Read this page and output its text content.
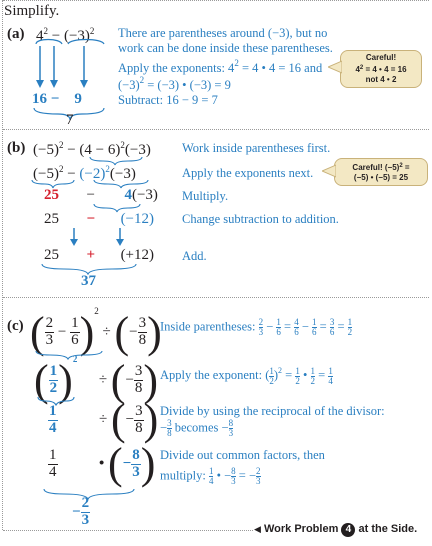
Simplify.
(a) $4^2 - (-3)^2$
16 − 9
7
There are parentheses around (−3), but no work can be done inside these parentheses.
Apply the exponents: $4^2 = 4$ • 4 = 16 and
$(-3)^2 = (-3)$ • (−3) = 9
Subtract: 16 − 9 = 7
Careful!
$4^2 = 4$ • 4 = 16
not 4 • 2
(b) $(-5)^2 - (4 - 6)^2(-3)$
$(-5)^2 - (-2)^2(-3)$
25 − 4(−3)
25 − (−12)
25 + (+12)
37
Work inside parentheses first.
Apply the exponents next.
Multiply.
Change subtraction to addition.
Add.
Careful! $(-5)^2$ =
(−5) • (−5) = 25
(c) ( $\frac{2}{3} - \frac{1}{6} )^2$ ÷ (− $\frac{3}{8}$ )
( $\frac{1}{2} )^2$  ÷ (− $\frac{3}{8}$ )
$\frac{1}{4}$	÷ (− $\frac{3}{8}$ )
$\frac{1}{4}$	• (− $\frac{8}{3}$ )
− $\frac{2}{3}$
Inside parentheses: $\frac{2}{3} - \frac{1}{6} = \frac{4}{6} - \frac{1}{6} = \frac{3}{6} = \frac{1}{2}$
Apply the exponent: ( $\frac{1}{2} )^2 = \frac{1}{2}$ • $\frac{1}{2} = \frac{1}{4}$
Divide by using the reciprocal of the divisor:
− $\frac{3}{8}$ becomes − $\frac{8}{3}$
Divide out common factors, then
multiply: $\frac{1}{4}$ • − $\frac{8}{3}$ = − $\frac{2}{3}$
◀ Work Problem 4 at the Side.
